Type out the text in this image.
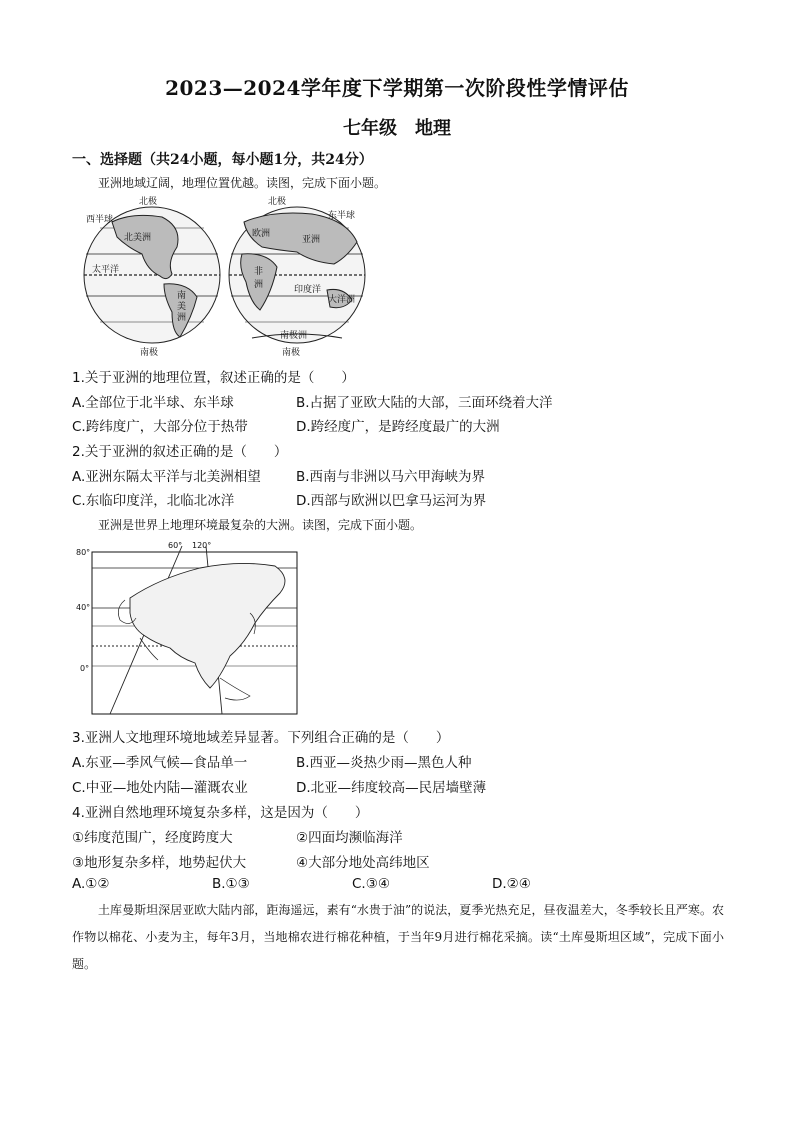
2023—2024学年度下学期第一次阶段性学情评估
七年级　地理
一、选择题（共24小题，每小题1分，共24分）
亚洲地域辽阔，地理位置优越。读图，完成下面小题。
西半球
北极
北美洲
太平洋
南
美
洲
南极
北极
东半球
欧洲
亚洲
非
洲	印度洋
大洋洲
南极洲
南极
1.关于亚洲的地理位置，叙述正确的是（　　）
A.全部位于北半球、东半球	B.占据了亚欧大陆的大部，三面环绕着大洋
C.跨纬度广，大部分位于热带	D.跨经度广，是跨经度最广的大洲
2.关于亚洲的叙述正确的是（　　）
A.亚洲东隔太平洋与北美洲相望	B.西南与非洲以马六甲海峡为界
C.东临印度洋，北临北冰洋	D.西部与欧洲以巴拿马运河为界
亚洲是世界上地理环境最复杂的大洲。读图，完成下面小题。
80°
40°
0°
60° 120°
3.亚洲人文地理环境地域差异显著。下列组合正确的是（　　）
A.东亚—季风气候—食品单一	B.西亚—炎热少雨—黑色人种
C.中亚—地处内陆—灌溉农业	D.北亚—纬度较高—民居墙壁薄
4.亚洲自然地理环境复杂多样，这是因为（　　）
①纬度范围广，经度跨度大	②四面均濒临海洋
③地形复杂多样，地势起伏大	④大部分地处高纬地区
A.①②	B.①③	C.③④	D.②④
土库曼斯坦深居亚欧大陆内部，距海遥远，素有“水贵于油”的说法，夏季光热充足，昼夜温差大，冬季较长且严寒。农作物以棉花、小麦为主，每年3月，当地棉农进行棉花种植，于当年9月进行棉花采摘。读“土库曼斯坦区域”，完成下面小题。
